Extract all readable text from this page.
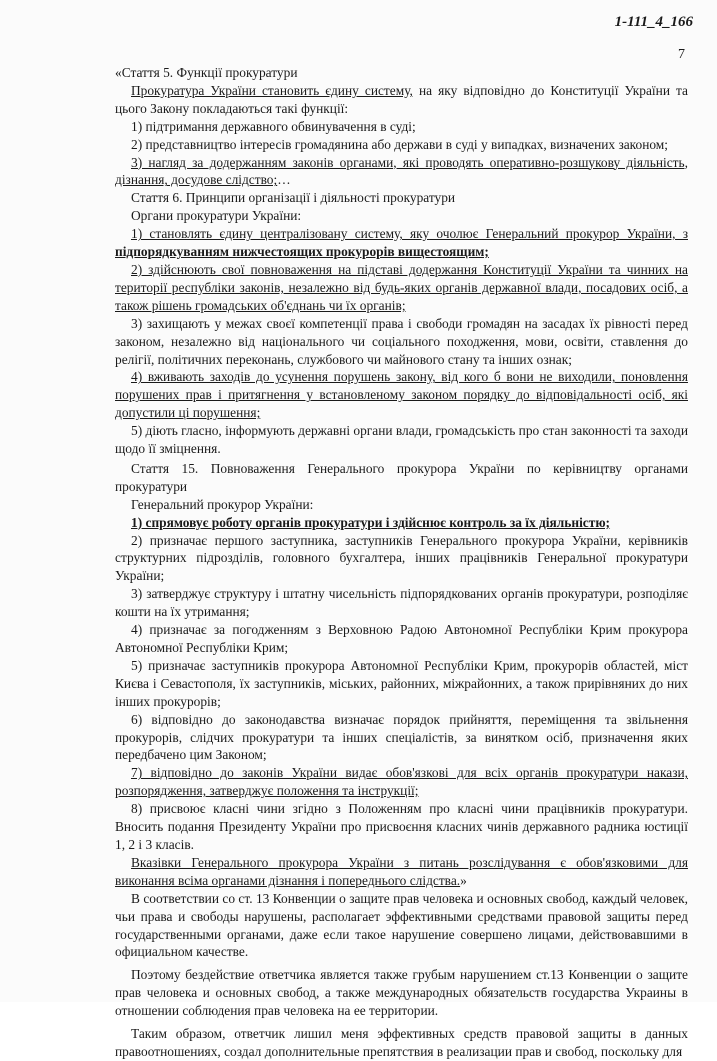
1-111_4_166
7

«Стаття 5. Функції прокуратури

Прокуратура України становить єдину систему, на яку відповідно до Конституції України та цього Закону покладаються такі функції:

1) підтримання державного обвинувачення в суді;

2) представництво інтересів громадянина або держави в суді у випадках, визначених законом;

3) нагляд за додержанням законів органами, які проводять оперативно-розшукову діяльність, дізнання, досудове слідство;…

Стаття 6. Принципи організації і діяльності прокуратури

Органи прокуратури України:

1) становлять єдину централізовану систему, яку очолює Генеральний прокурор України, з підпорядкуванням нижчестоящих прокурорів вищестоящим;

2) здійснюють свої повноваження на підставі додержання Конституції України та чинних на території республіки законів, незалежно від будь-яких органів державної влади, посадових осіб, а також рішень громадських об'єднань чи їх органів;

3) захищають у межах своєї компетенції права і свободи громадян на засадах їх рівності перед законом, незалежно від національного чи соціального походження, мови, освіти, ставлення до релігії, політичних переконань, службового чи майнового стану та інших ознак;

4) вживають заходів до усунення порушень закону, від кого б вони не виходили, поновлення порушених прав і притягнення у встановленому законом порядку до відповідальності осіб, які допустили ці порушення;

5) діють гласно, інформують державні органи влади, громадськість про стан законності та заходи щодо її зміцнення.

Стаття 15. Повноваження Генерального прокурора України по керівництву органами прокуратури

Генеральний прокурор України:

1) спрямовує роботу органів прокуратури і здійснює контроль за їх діяльністю;

2) призначає першого заступника, заступників Генерального прокурора України, керівників структурних підрозділів, головного бухгалтера, інших працівників Генеральної прокуратури України;

3) затверджує структуру і штатну чисельність підпорядкованих органів прокуратури, розподіляє кошти на їх утримання;

4) призначає за погодженням з Верховною Радою Автономної Республіки Крим прокурора Автономної Республіки Крим;

5) призначає заступників прокурора Автономної Республіки Крим, прокурорів областей, міст Києва і Севастополя, їх заступників, міських, районних, міжрайонних, а також прирівняних до них інших прокурорів;

6) відповідно до законодавства визначає порядок прийняття, переміщення та звільнення прокурорів, слідчих прокуратури та інших спеціалістів, за винятком осіб, призначення яких передбачено цим Законом;

7) відповідно до законів України видає обов'язкові для всіх органів прокуратури накази, розпорядження, затверджує положення та інструкції;

8) присвоює класні чини згідно з Положенням про класні чини працівників прокуратури. Вносить подання Президенту України про присвоєння класних чинів державного радника юстиції 1, 2 і 3 класів.

Вказівки Генерального прокурора України з питань розслідування є обов'язковими для виконання всіма органами дізнання і попереднього слідства.»

В соответствии со ст. 13 Конвенции о защите прав человека и основных свобод, каждый человек, чьи права и свободы нарушены, располагает эффективными средствами правовой защиты перед государственными органами, даже если такое нарушение совершено лицами, действовавшими в официальном качестве.

Поэтому бездействие ответчика является также грубым нарушением ст.13 Конвенции о защите прав человека и основных свобод, а также международных обязательств государства Украины в отношении соблюдения прав человека на ее территории.

Таким образом, ответчик лишил меня эффективных средств правовой защиты в данных правоотношениях, создал дополнительные препятствия в реализации прав и свобод, поскольку для
